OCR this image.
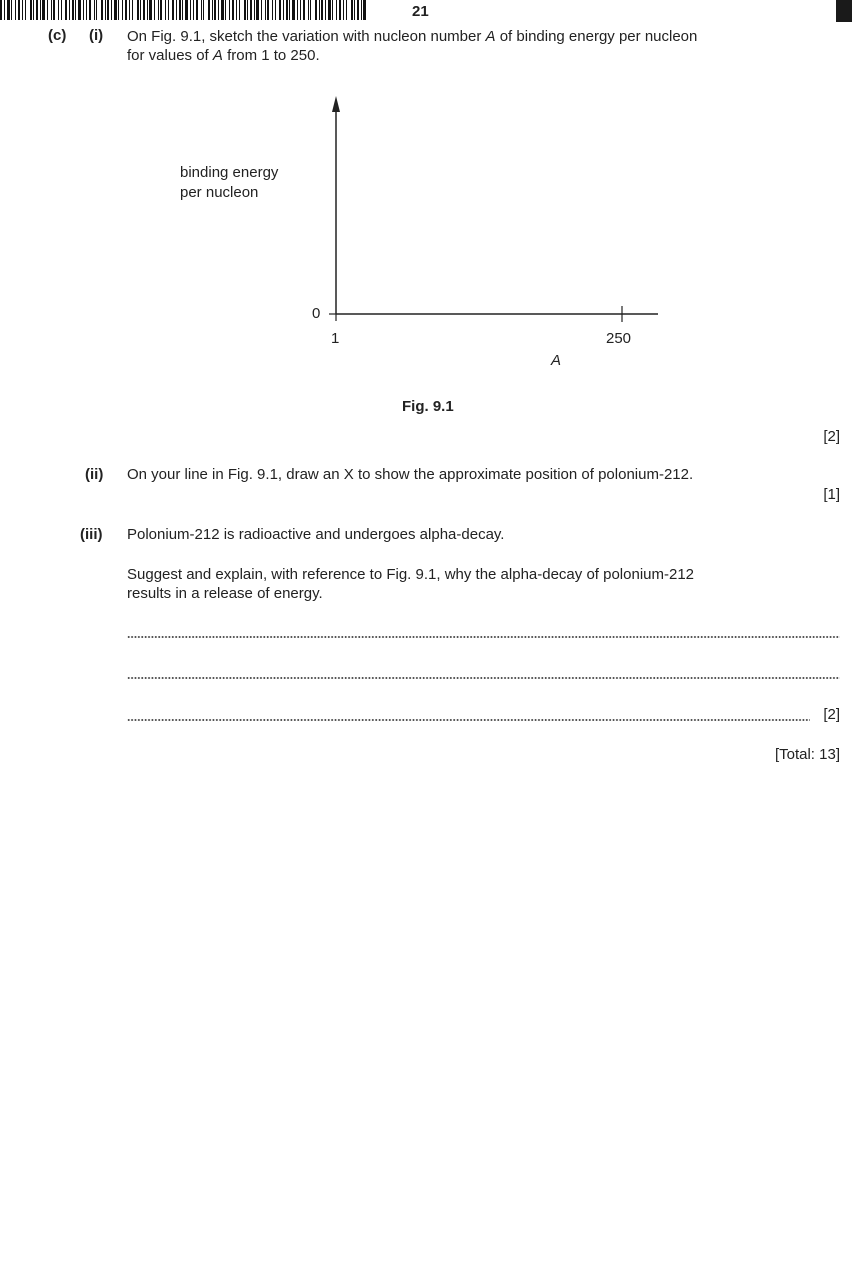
21
(c) (i) On Fig. 9.1, sketch the variation with nucleon number A of binding energy per nucleon
for values of A from 1 to 250.
binding energy
per nucleon
0
1	250
A
Fig. 9.1
[2]
(ii) On your line in Fig. 9.1, draw an X to show the approximate position of polonium-212.
[1]
(iii) Polonium-212 is radioactive and undergoes alpha-decay.
Suggest and explain, with reference to Fig. 9.1, why the alpha-decay of polonium-212
results in a release of energy.
[2]
[Total: 13]
